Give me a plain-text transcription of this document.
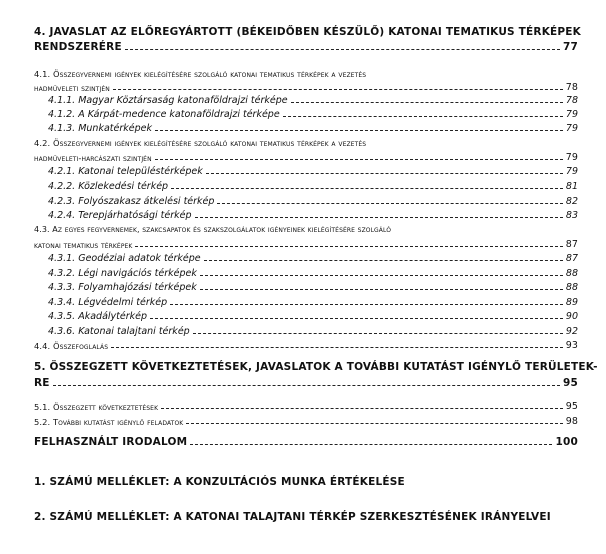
4. JAVASLAT AZ ELŐREGYÁRTOTT (BÉKEIDŐBEN KÉSZÜLŐ) KATONAI TEMATIKUS TÉRKÉPEK
RENDSZERÉRE	77
4.1. Összegyvernemi igények kielégítésére szolgáló katonai tematikus térképek a vezetés
hadműveleti szintjén	78
4.1.1. Magyar Köztársaság katonaföldrajzi térképe	78
4.1.2. A Kárpát-medence katonaföldrajzi térképe	79
4.1.3. Munkatérképek	79
4.2. Összegyvernemi igények kielégítésére szolgáló katonai tematikus térképek a vezetés
hadműveleti-harcászati szintjén	79
4.2.1. Katonai településtérképek	79
4.2.2. Közlekedési térkép	81
4.2.3. Folyószakasz átkelési térkép	82
4.2.4. Terepjárhatósági térkép	83
4.3. Az egyes fegyvernemek, szakcsapatok és szakszolgálatok igényeinek kielégítésére szolgáló
katonai tematikus térképek	87
4.3.1. Geodéziai adatok térképe	87
4.3.2. Légi navigációs térképek	88
4.3.3. Folyamhajózási térképek	88
4.3.4. Légvédelmi térkép	89
4.3.5. Akadálytérkép	90
4.3.6. Katonai talajtani térkép	92
4.4. Összefoglalás	93
5. ÖSSZEGZETT KÖVETKEZTETÉSEK, JAVASLATOK A TOVÁBBI KUTATÁST IGÉNYLŐ TERÜLETEK-
RE	95
5.1. Összegzett következtetések	95
5.2. További kutatást igénylő feladatok	98
FELHASZNÁLT IRODALOM	100
1. SZÁMÚ MELLÉKLET: A KONZULTÁCIÓS MUNKA ÉRTÉKELÉSE
2. SZÁMÚ MELLÉKLET: A KATONAI TALAJTANI TÉRKÉP SZERKESZTÉSÉNEK IRÁNYELVEI
